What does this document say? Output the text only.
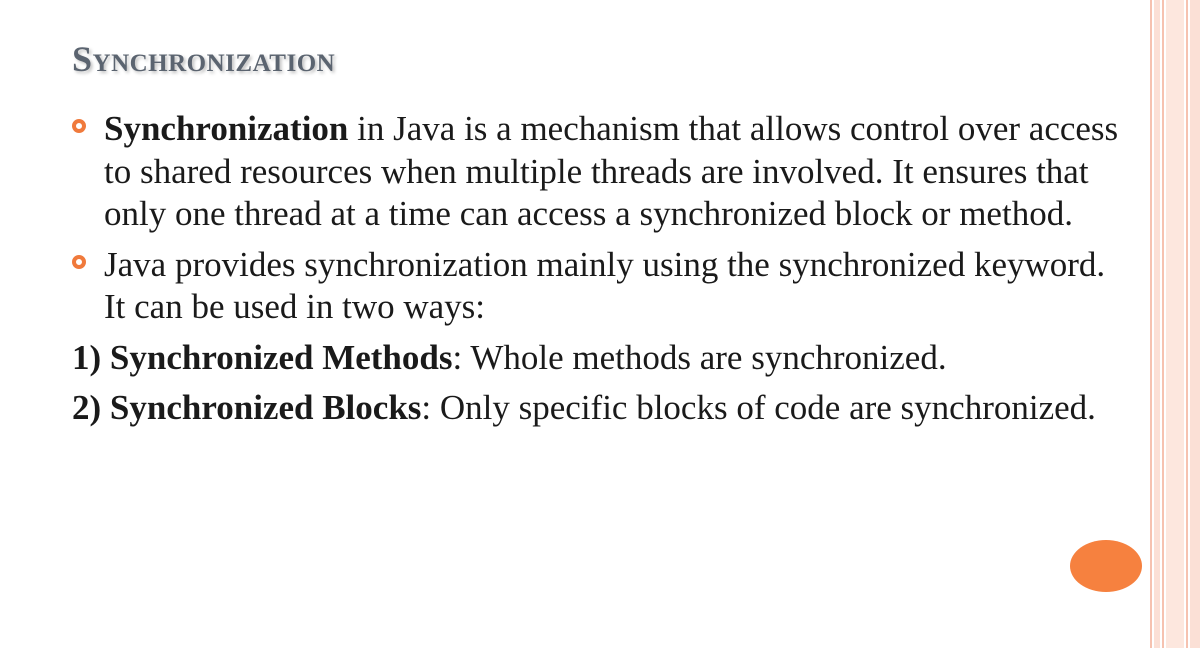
Synchronization
Synchronization in Java is a mechanism that allows control over access to shared resources when multiple threads are involved. It ensures that only one thread at a time can access a synchronized block or method.
Java provides synchronization mainly using the synchronized keyword. It can be used in two ways:
1) Synchronized Methods: Whole methods are synchronized.
2) Synchronized Blocks: Only specific blocks of code are synchronized.
